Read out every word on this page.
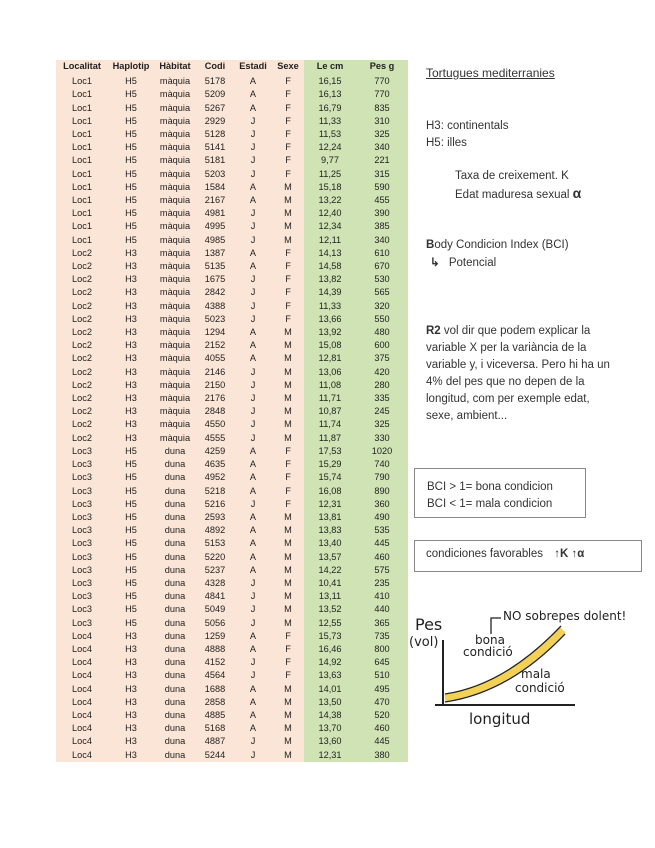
Localitat	Haplotip	Hàbitat	Codi	Estadi	Sexe	Le cm	Pes g

Loc1	H5	màquia	5178	A	F	16,15	770
Loc1	H5	màquia	5209	A	F	16,13	770
Loc1	H5	màquia	5267	A	F	16,79	835
Loc1	H5	màquia	2929	J	F	11,33	310
Loc1	H5	màquia	5128	J	F	11,53	325
Loc1	H5	màquia	5141	J	F	12,24	340
Loc1	H5	màquia	5181	J	F	9,77	221
Loc1	H5	màquia	5203	J	F	11,25	315
Loc1	H5	màquia	1584	A	M	15,18	590
Loc1	H5	màquia	2167	A	M	13,22	455
Loc1	H5	màquia	4981	J	M	12,40	390
Loc1	H5	màquia	4995	J	M	12,34	385
Loc1	H5	màquia	4985	J	M	12,11	340
Loc2	H3	màquia	1387	A	F	14,13	610
Loc2	H3	màquia	5135	A	F	14,58	670
Loc2	H3	màquia	1675	J	F	13,82	530
Loc2	H3	màquia	2842	J	F	14,39	565
Loc2	H3	màquia	4388	J	F	11,33	320
Loc2	H3	màquia	5023	J	F	13,66	550
Loc2	H3	màquia	1294	A	M	13,92	480
Loc2	H3	màquia	2152	A	M	15,08	600
Loc2	H3	màquia	4055	A	M	12,81	375
Loc2	H3	màquia	2146	J	M	13,06	420
Loc2	H3	màquia	2150	J	M	11,08	280
Loc2	H3	màquia	2176	J	M	11,71	335
Loc2	H3	màquia	2848	J	M	10,87	245
Loc2	H3	màquia	4550	J	M	11,74	325
Loc2	H3	màquia	4555	J	M	11,87	330
Loc3	H5	duna	4259	A	F	17,53	1020
Loc3	H5	duna	4635	A	F	15,29	740
Loc3	H5	duna	4952	A	F	15,74	790
Loc3	H5	duna	5218	A	F	16,08	890
Loc3	H5	duna	5216	J	F	12,31	360
Loc3	H5	duna	2593	A	M	13,81	490
Loc3	H5	duna	4892	A	M	13,83	535
Loc3	H5	duna	5153	A	M	13,40	445
Loc3	H5	duna	5220	A	M	13,57	460
Loc3	H5	duna	5237	A	M	14,22	575
Loc3	H5	duna	4328	J	M	10,41	235
Loc3	H5	duna	4841	J	M	13,11	410
Loc3	H5	duna	5049	J	M	13,52	440
Loc3	H5	duna	5056	J	M	12,55	365
Loc4	H3	duna	1259	A	F	15,73	735
Loc4	H3	duna	4888	A	F	16,46	800
Loc4	H3	duna	4152	J	F	14,92	645
Loc4	H3	duna	4564	J	F	13,63	510
Loc4	H3	duna	1688	A	M	14,01	495
Loc4	H3	duna	2858	A	M	13,50	470
Loc4	H3	duna	4885	A	M	14,38	520
Loc4	H3	duna	5168	A	M	13,70	460
Loc4	H3	duna	4887	J	M	13,60	445
Loc4	H3	duna	5244	J	M	12,31	380
Tortugues mediterranies
H3: continentals
H5: illes
Taxa de creixement. K
Edat maduresa sexual α
Body Condicion Index (BCI)
↳ Potencial
R2 vol dir que podem explicar la variable X per la variància de la variable y, i viceversa. Pero hi ha un 4% del pes que no depen de la longitud, com per exemple edat, sexe, ambient...
BCI > 1= bona condicion
BCI < 1= mala condicion
condiciones favorables ↑K ↑α
Pes
(vol)
NO sobrepes dolent!
bona
condició
mala
condició
longitud
